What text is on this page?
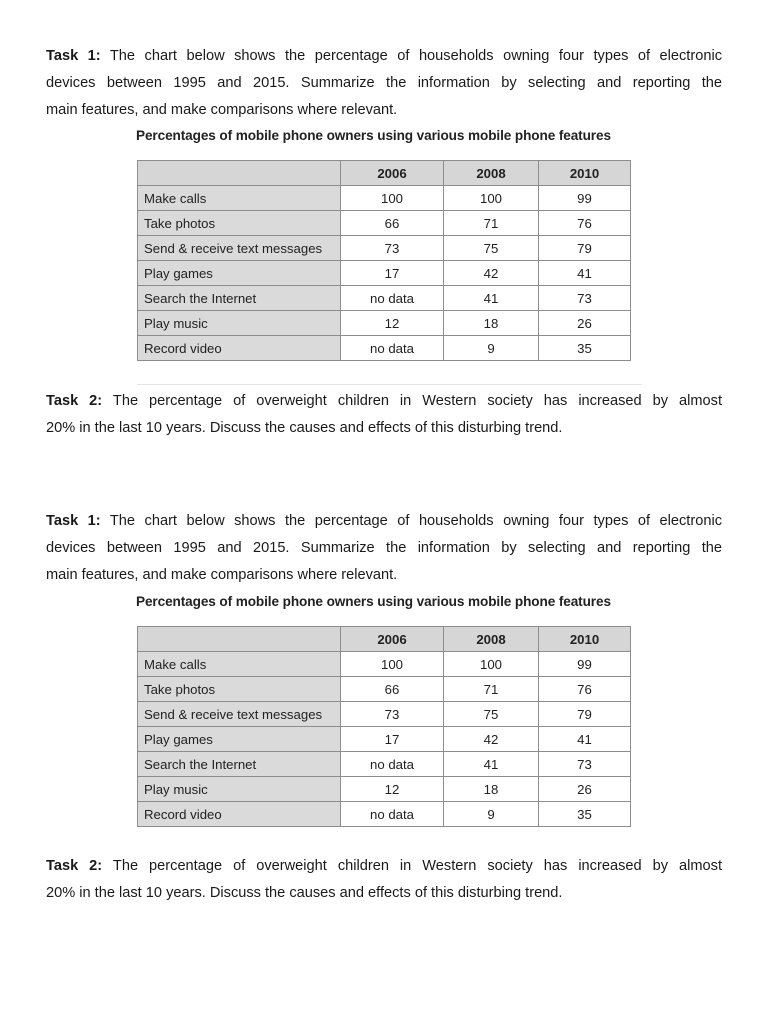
Task 1: The chart below shows the percentage of households owning four types of electronic
devices between 1995 and 2015. Summarize the information by selecting and reporting the
main features, and make comparisons where relevant.

Percentages of mobile phone owners using various mobile phone features
	2006	2008	2010
Make calls	100	100	99
Take photos	66	71	76
Send & receive text messages	73	75	79
Play games	17	42	41
Search the Internet	no data	41	73
Play music	12	18	26
Record video	no data	9	35

Task 2: The percentage of overweight children in Western society has increased by almost
20% in the last 10 years. Discuss the causes and effects of this disturbing trend.

Task 1: The chart below shows the percentage of households owning four types of electronic
devices between 1995 and 2015. Summarize the information by selecting and reporting the
main features, and make comparisons where relevant.

Percentages of mobile phone owners using various mobile phone features
	2006	2008	2010
Make calls	100	100	99
Take photos	66	71	76
Send & receive text messages	73	75	79
Play games	17	42	41
Search the Internet	no data	41	73
Play music	12	18	26
Record video	no data	9	35

Task 2: The percentage of overweight children in Western society has increased by almost
20% in the last 10 years. Discuss the causes and effects of this disturbing trend.
